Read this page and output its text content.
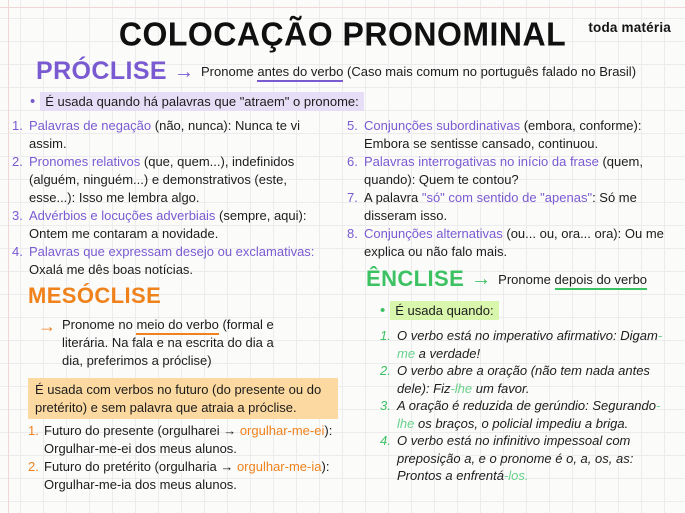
toda matéria
COLOCAÇÃO PRONOMINAL
PRÓCLISE → Pronome antes do verbo (Caso mais comum no português falado no Brasil)
• É usada quando há palavras que "atraem" o pronome:
1. Palavras de negação (não, nunca): Nunca te vi assim.
2. Pronomes relativos (que, quem...), indefinidos (alguém, ninguém...) e demonstrativos (este, esse...): Isso me lembra algo.
3. Advérbios e locuções adverbiais (sempre, aqui): Ontem me contaram a novidade.
4. Palavras que expressam desejo ou exclamativas: Oxalá me dês boas notícias.
5. Conjunções subordinativas (embora, conforme): Embora se sentisse cansado, continuou.
6. Palavras interrogativas no início da frase (quem, quando): Quem te contou?
7. A palavra "só" com sentido de "apenas": Só me disseram isso.
8. Conjunções alternativas (ou... ou, ora... ora): Ou me explica ou não falo mais.
MESÓCLISE
→ Pronome no meio do verbo (formal e literária. Na fala e na escrita do dia a dia, preferimos a próclise)
É usada com verbos no futuro (do presente ou do pretérito) e sem palavra que atraia a próclise.
1. Futuro do presente (orgulharei → orgulhar-me-ei): Orgulhar-me-ei dos meus alunos.
2. Futuro do pretérito (orgulharia → orgulhar-me-ia): Orgulhar-me-ia dos meus alunos.
ÊNCLISE → Pronome depois do verbo
• É usada quando:
1. O verbo está no imperativo afirmativo: Digam-me a verdade!
2. O verbo abre a oração (não tem nada antes dele): Fiz-lhe um favor.
3. A oração é reduzida de gerúndio: Segurando-lhe os braços, o policial impediu a briga.
4. O verbo está no infinitivo impessoal com preposição a, e o pronome é o, a, os, as: Prontos a enfrentá-los.
